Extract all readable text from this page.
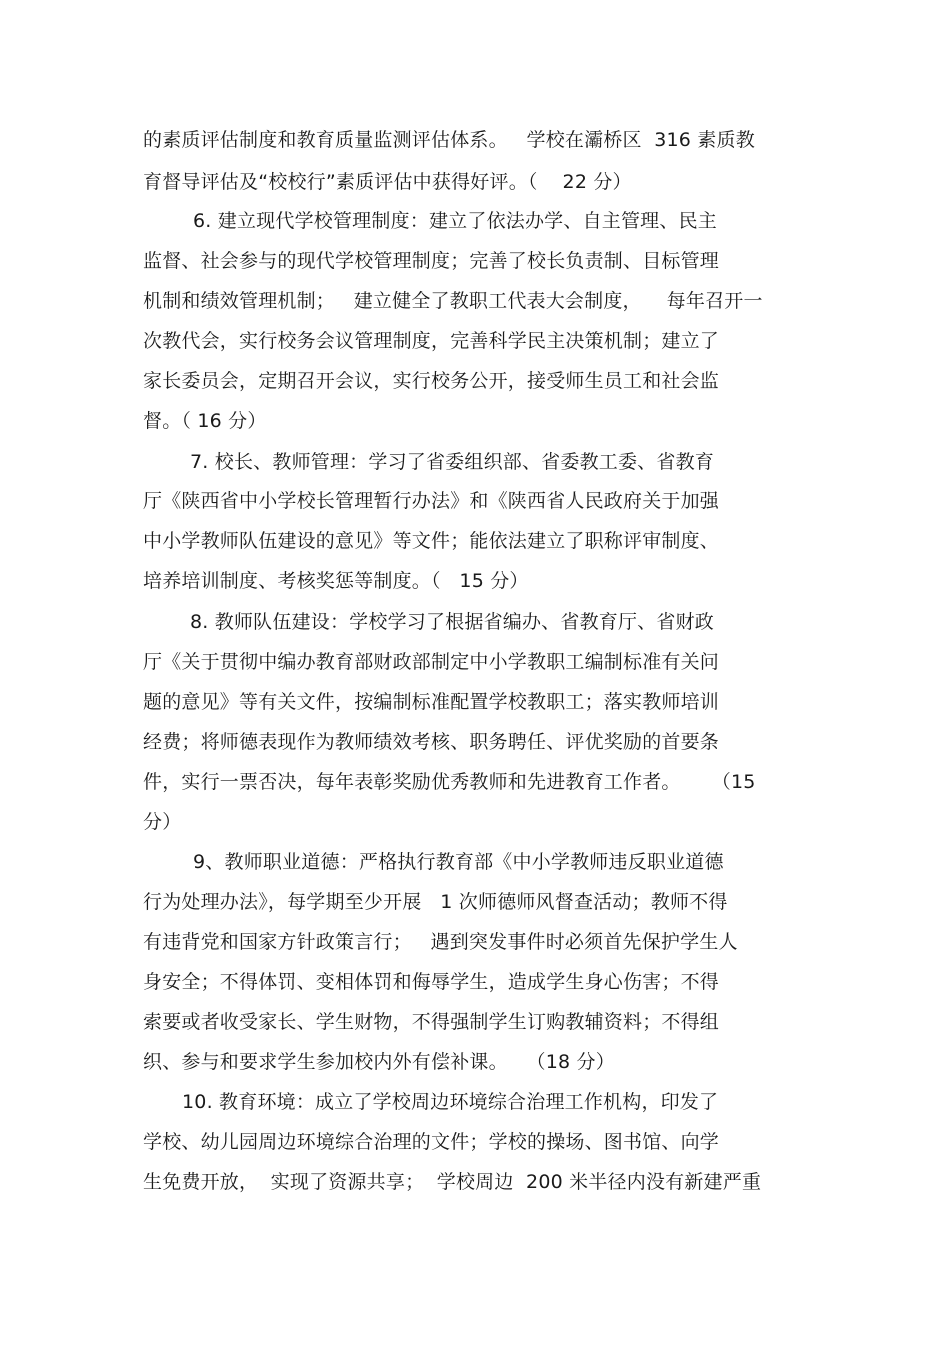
的素质评估制度和教育质量监测评估体系。   学校在灞桥区  316 素质教
育督导评估及“校校行”素质评估中获得好评。（    22 分）
6. 建立现代学校管理制度：建立了依法办学、自主管理、民主
监督、社会参与的现代学校管理制度；完善了校长负责制、目标管理
机制和绩效管理机制；   建立健全了教职工代表大会制度，    每年召开一
次教代会，实行校务会议管理制度，完善科学民主决策机制；建立了
家长委员会，定期召开会议，实行校务公开，接受师生员工和社会监
督。（ 16 分）
7. 校长、教师管理：学习了省委组织部、省委教工委、省教育
厅《陕西省中小学校长管理暂行办法》和《陕西省人民政府关于加强
中小学教师队伍建设的意见》等文件；能依法建立了职称评审制度、
培养培训制度、考核奖惩等制度。（   15 分）
8. 教师队伍建设：学校学习了根据省编办、省教育厅、省财政
厅《关于贯彻中编办教育部财政部制定中小学教职工编制标准有关问
题的意见》等有关文件，按编制标准配置学校教职工；落实教师培训
经费；将师德表现作为教师绩效考核、职务聘任、评优奖励的首要条
件，实行一票否决，每年表彰奖励优秀教师和先进教育工作者。     （15
分）
9、教师职业道德：严格执行教育部《中小学教师违反职业道德
行为处理办法》，每学期至少开展   1 次师德师风督查活动；教师不得
有违背党和国家方针政策言行；   遇到突发事件时必须首先保护学生人
身安全；不得体罚、变相体罚和侮辱学生，造成学生身心伤害；不得
索要或者收受家长、学生财物，不得强制学生订购教辅资料；不得组
织、参与和要求学生参加校内外有偿补课。   （18 分）
10. 教育环境：成立了学校周边环境综合治理工作机构，印发了
学校、幼儿园周边环境综合治理的文件；学校的操场、图书馆、向学
生免费开放，  实现了资源共享；  学校周边  200 米半径内没有新建严重
